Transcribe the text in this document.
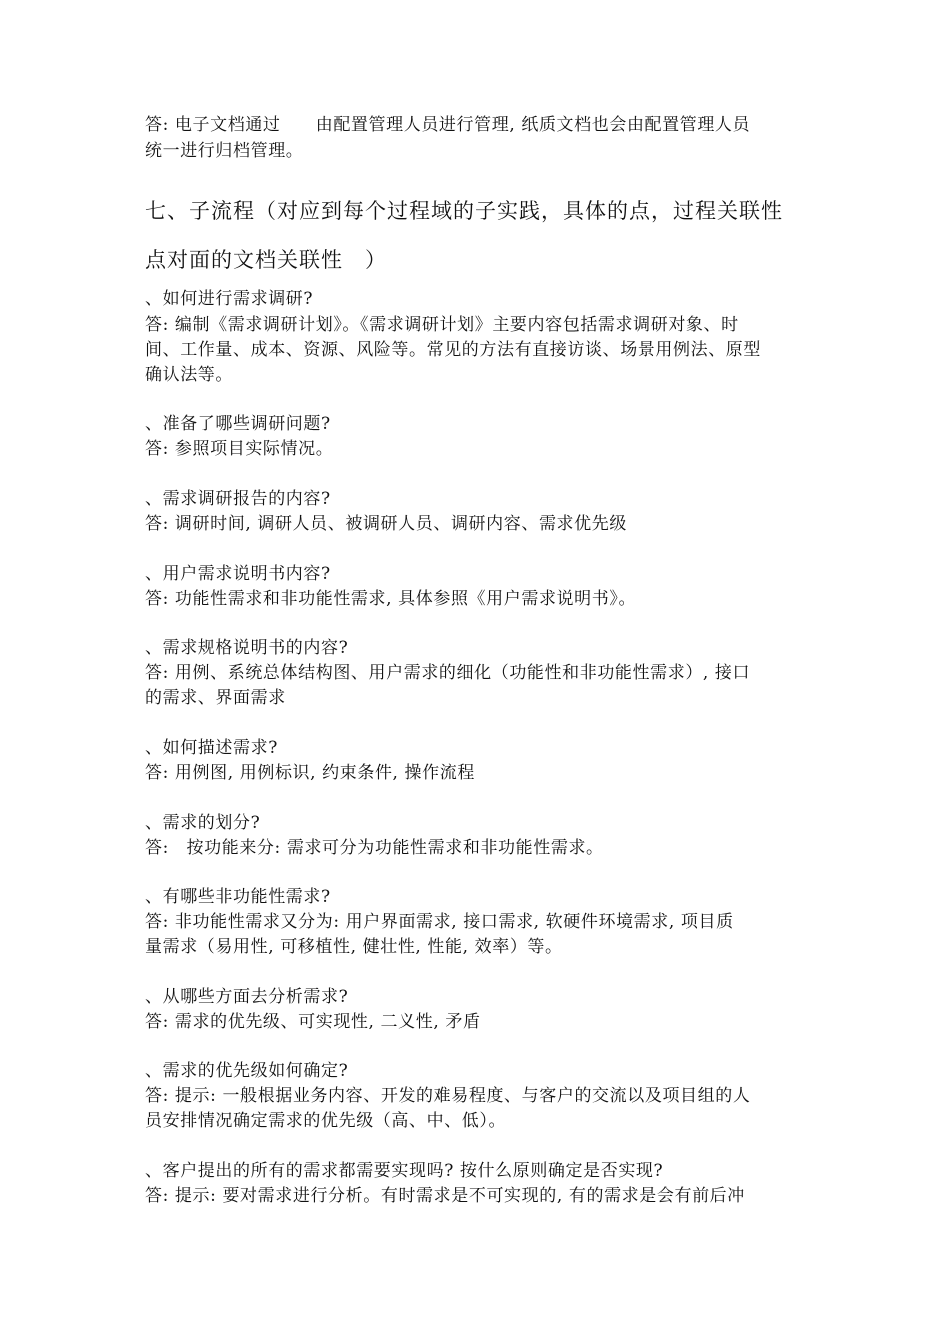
答: 电子文档通过　　由配置管理人员进行管理, 纸质文档也会由配置管理人员
统一进行归档管理。
七、子流程（对应到每个过程域的子实践，具体的点，过程关联性
点对面的文档关联性　）
、如何进行需求调研?
答: 编制《需求调研计划》。《需求调研计划》主要内容包括需求调研对象、时
间、工作量、成本、资源、风险等。常见的方法有直接访谈、场景用例法、原型
确认法等。
、准备了哪些调研问题?
答: 参照项目实际情况。
、需求调研报告的内容?
答: 调研时间, 调研人员、被调研人员、调研内容、需求优先级
、用户需求说明书内容?
答: 功能性需求和非功能性需求, 具体参照《用户需求说明书》。
、需求规格说明书的内容?
答: 用例、系统总体结构图、用户需求的细化（功能性和非功能性需求）, 接口
的需求、界面需求
、如何描述需求?
答: 用例图, 用例标识, 约束条件, 操作流程
、需求的划分?
答:　按功能来分: 需求可分为功能性需求和非功能性需求。
、有哪些非功能性需求?
答: 非功能性需求又分为: 用户界面需求, 接口需求, 软硬件环境需求, 项目质
量需求（易用性, 可移植性, 健壮性, 性能, 效率）等。
、从哪些方面去分析需求?
答: 需求的优先级、可实现性, 二义性, 矛盾
、需求的优先级如何确定?
答: 提示: 一般根据业务内容、开发的难易程度、与客户的交流以及项目组的人
员安排情况确定需求的优先级（高、中、低）。
、客户提出的所有的需求都需要实现吗? 按什么原则确定是否实现?
答: 提示: 要对需求进行分析。有时需求是不可实现的, 有的需求是会有前后冲
